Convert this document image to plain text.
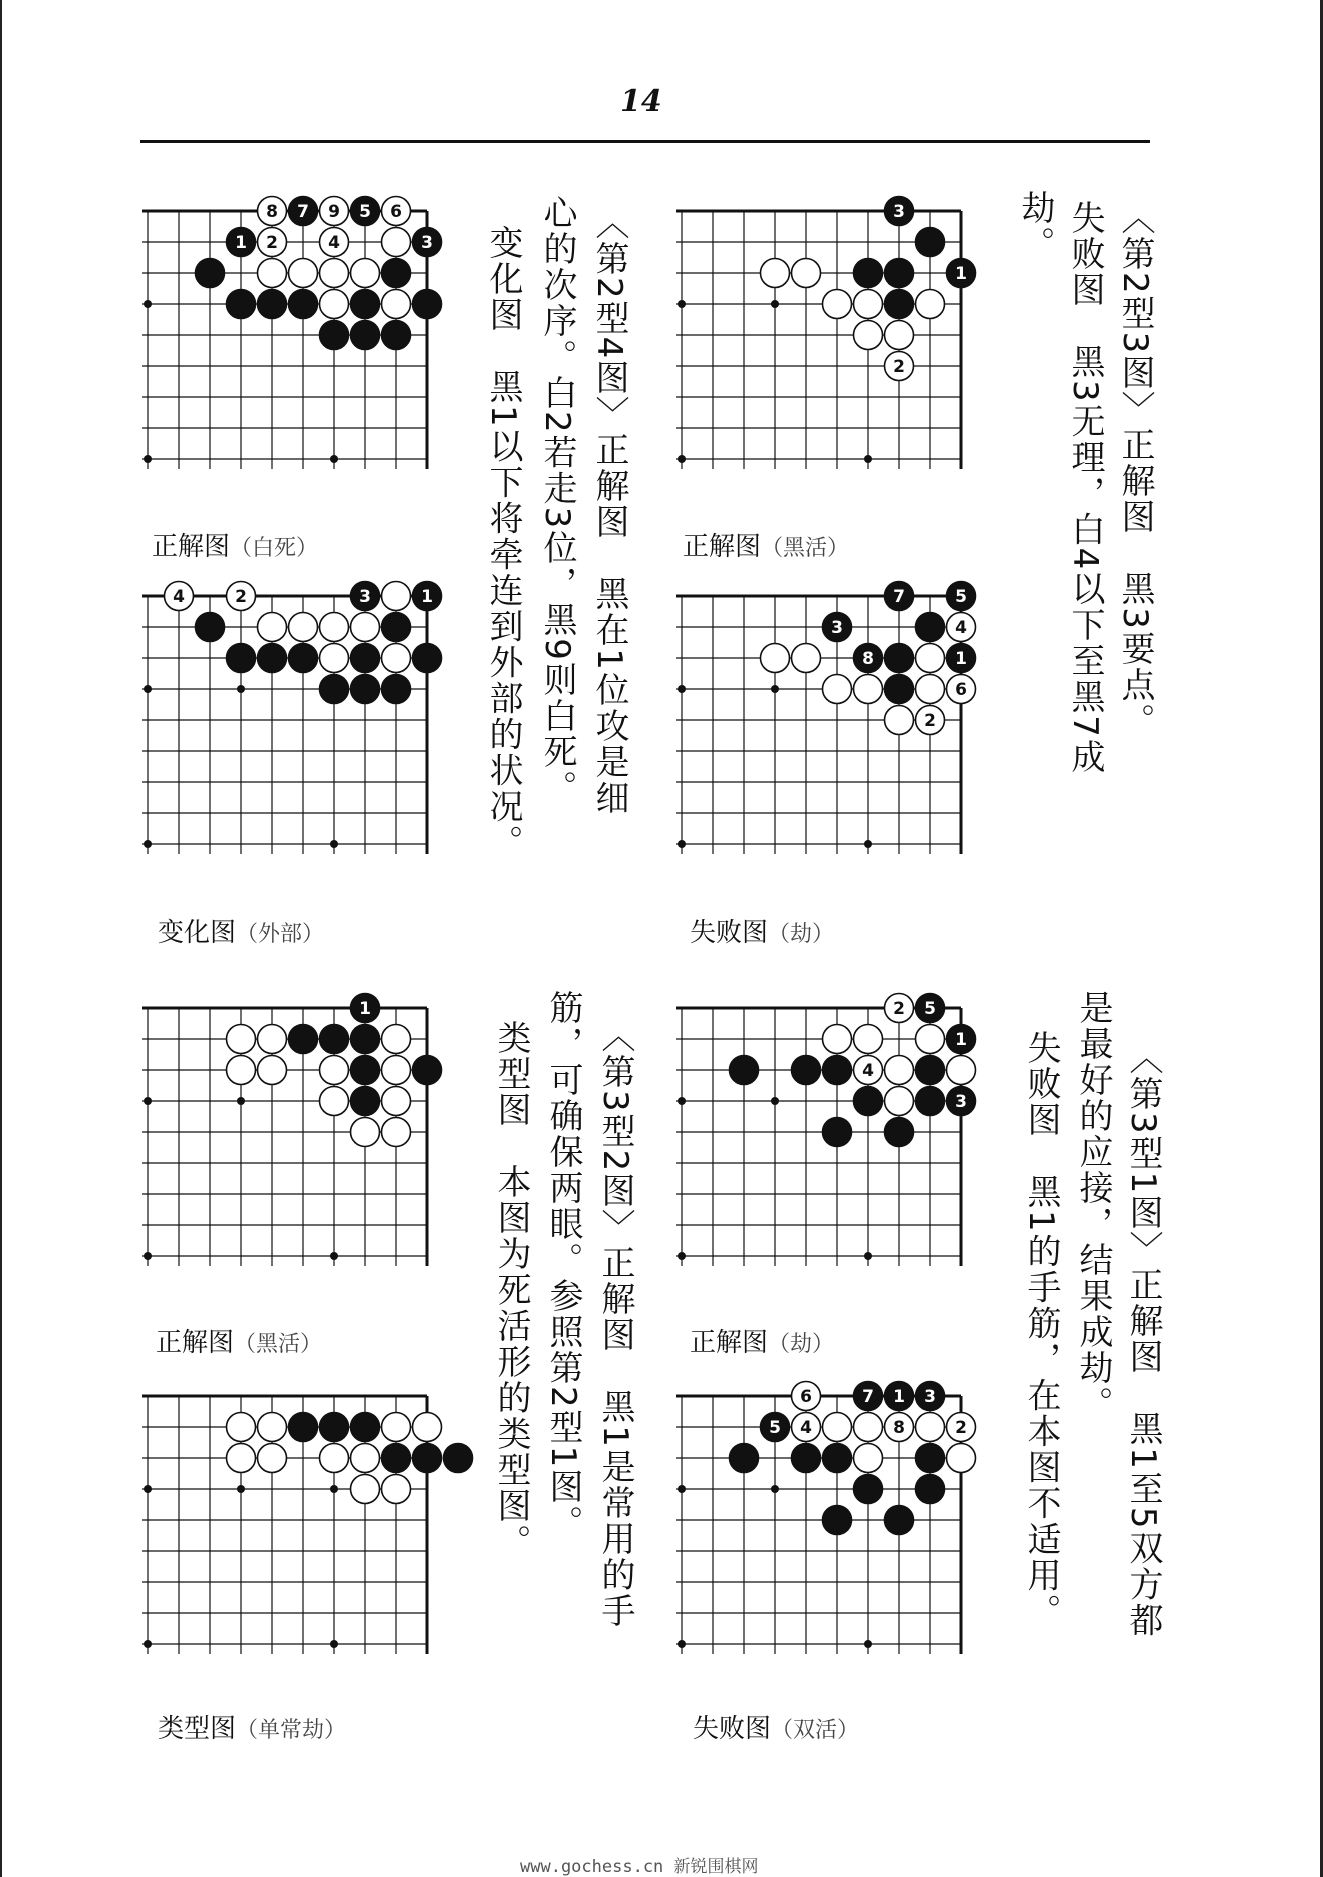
14
3
1
2
8 7 9 5 6
1 2	4	3
正解图（黑活）
正解图（白死）
7	5
3	4
8	1
6
2
4	2	3	1
失败图（劫）
变化图（外部）
2 5
1
4
3
1
正解图（劫）
正解图（黑活）
6	7 1 3
5 4	8	2
失败图（双活）
类型图（单常劫）
〈第2型3图〉正解图　黑3要点。
失败图　黑3无理，白4以下至黑7成
劫。
〈第2型4图〉正解图　黑在1位攻是细
心的次序。白2若走3位，黑9则白死。
变化图　黑1以下将牵连到外部的状况。
〈第3型1图〉正解图　黑1至5双方都
是最好的应接，结果成劫。
失败图　黑1的手筋，在本图不适用。
〈第3型2图〉正解图　黑1是常用的手
筋，可确保两眼。参照第2型1图。
类型图　本图为死活形的类型图。
www.gochess.cn 新锐围棋网
